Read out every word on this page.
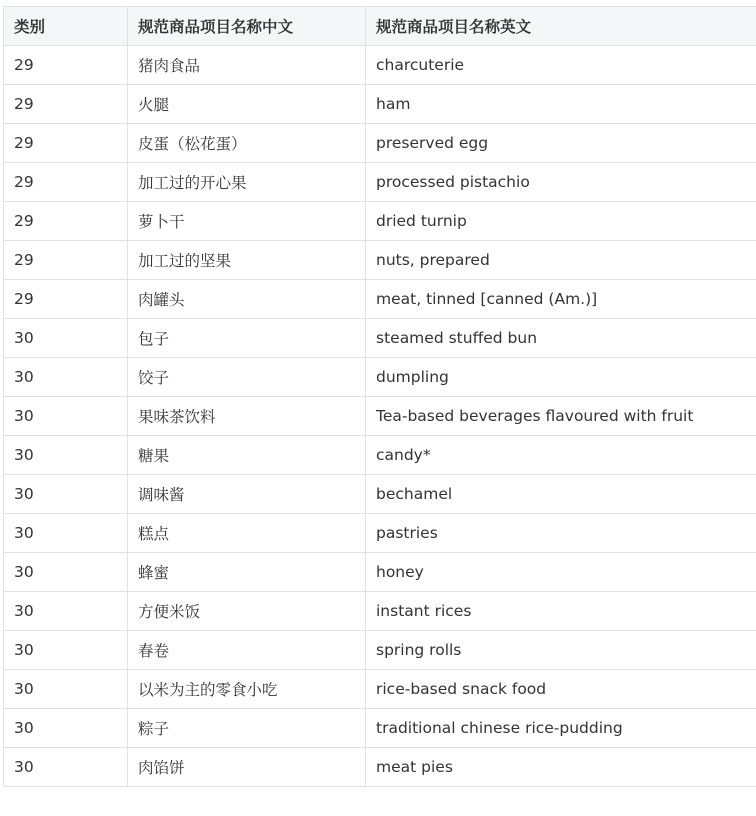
类别	规范商品项目名称中文	规范商品项目名称英文
29	猪肉食品	charcuterie
29	火腿	ham
29	皮蛋（松花蛋）	preserved egg
29	加工过的开心果	processed pistachio
29	萝卜干	dried turnip
29	加工过的坚果	nuts, prepared
29	肉罐头	meat, tinned [canned (Am.)]
30	包子	steamed stuffed bun
30	饺子	dumpling
30	果味茶饮料	Tea-based beverages flavoured with fruit
30	糖果	candy*
30	调味酱	bechamel
30	糕点	pastries
30	蜂蜜	honey
30	方便米饭	instant rices
30	春卷	spring rolls
30	以米为主的零食小吃	rice-based snack food
30	粽子	traditional chinese rice-pudding
30	肉馅饼	meat pies
